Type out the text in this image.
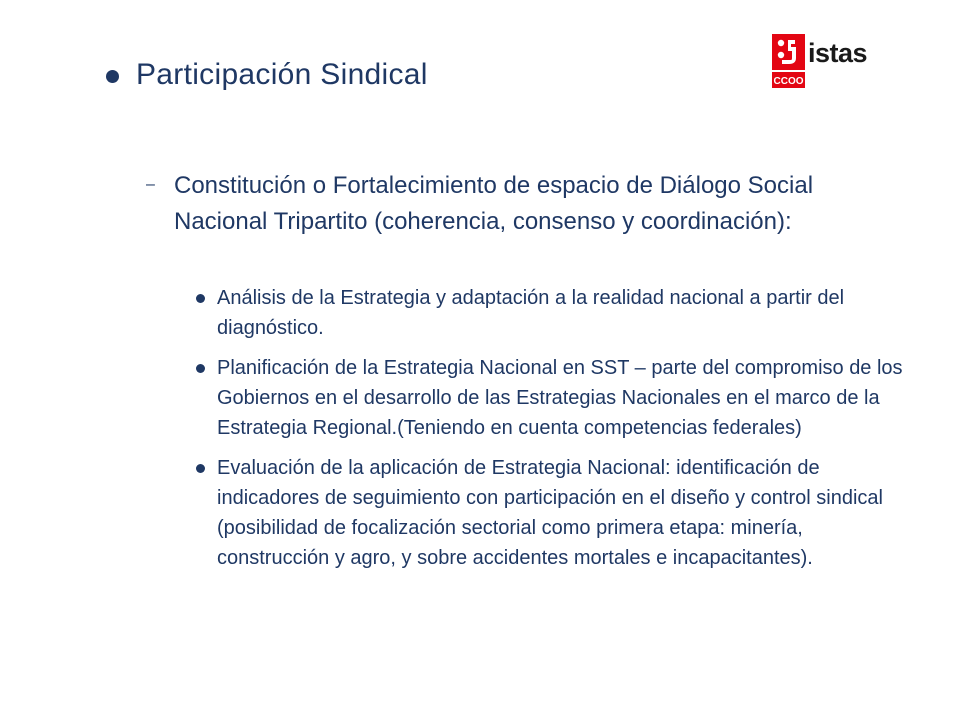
CCOO
istas
Participación Sindical
– Constitución o Fortalecimiento de espacio de Diálogo Social Nacional Tripartito (coherencia, consenso y coordinación):
Análisis de la Estrategia y adaptación a la realidad nacional a partir del diagnóstico.
Planificación de la Estrategia Nacional en SST – parte del compromiso de los Gobiernos en el desarrollo de las Estrategias Nacionales en el marco de la Estrategia Regional.(Teniendo en cuenta competencias federales)
Evaluación de la aplicación de Estrategia Nacional: identificación de indicadores de seguimiento con participación en el diseño y control sindical (posibilidad de focalización sectorial como primera etapa: minería, construcción y agro, y sobre accidentes mortales e incapacitantes).
